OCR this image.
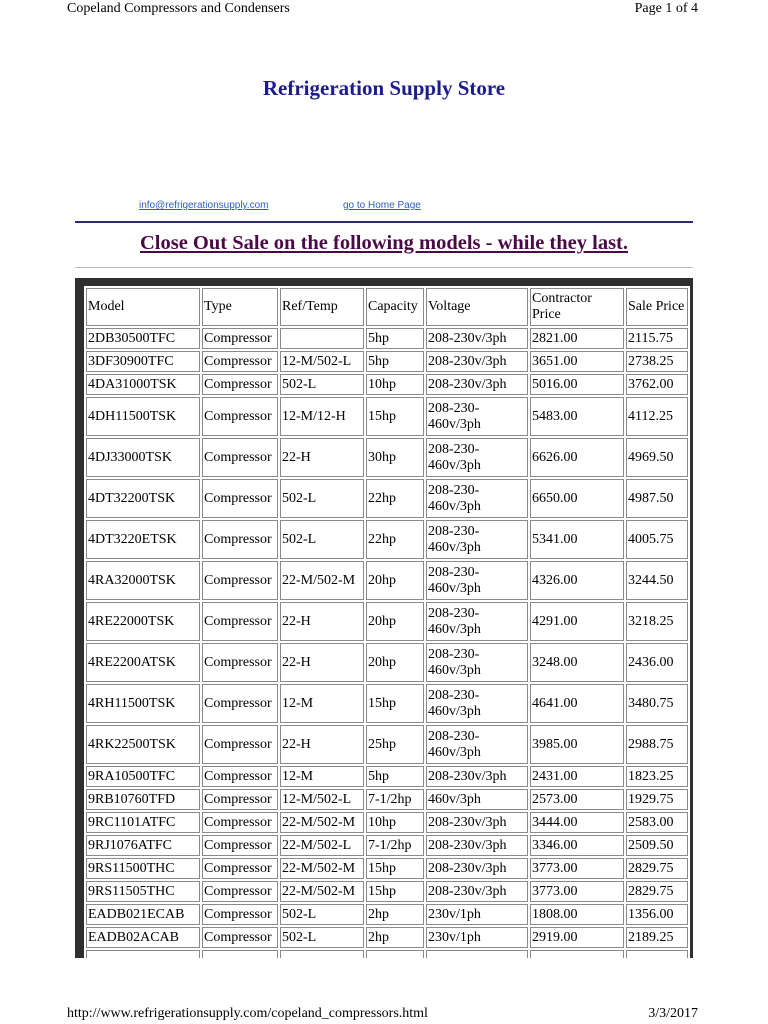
Copeland Compressors and Condensers	Page 1 of 4
Refrigeration Supply Store
info@refrigerationsupply.com	go to Home Page
Close Out Sale on the following models - while they last.
Model	Type	Ref/Temp	Capacity	Voltage	Contractor Price	Sale Price
2DB30500TFC	Compressor		5hp	208-230v/3ph	2821.00	2115.75
3DF30900TFC	Compressor	12-M/502-L	5hp	208-230v/3ph	3651.00	2738.25
4DA31000TSK	Compressor	502-L	10hp	208-230v/3ph	5016.00	3762.00
4DH11500TSK	Compressor	12-M/12-H	15hp	208-230-460v/3ph	5483.00	4112.25
4DJ33000TSK	Compressor	22-H	30hp	208-230-460v/3ph	6626.00	4969.50
4DT32200TSK	Compressor	502-L	22hp	208-230-460v/3ph	6650.00	4987.50
4DT3220ETSK	Compressor	502-L	22hp	208-230-460v/3ph	5341.00	4005.75
4RA32000TSK	Compressor	22-M/502-M	20hp	208-230-460v/3ph	4326.00	3244.50
4RE22000TSK	Compressor	22-H	20hp	208-230-460v/3ph	4291.00	3218.25
4RE2200ATSK	Compressor	22-H	20hp	208-230-460v/3ph	3248.00	2436.00
4RH11500TSK	Compressor	12-M	15hp	208-230-460v/3ph	4641.00	3480.75
4RK22500TSK	Compressor	22-H	25hp	208-230-460v/3ph	3985.00	2988.75
9RA10500TFC	Compressor	12-M	5hp	208-230v/3ph	2431.00	1823.25
9RB10760TFD	Compressor	12-M/502-L	7-1/2hp	460v/3ph	2573.00	1929.75
9RC1101ATFC	Compressor	22-M/502-M	10hp	208-230v/3ph	3444.00	2583.00
9RJ1076ATFC	Compressor	22-M/502-L	7-1/2hp	208-230v/3ph	3346.00	2509.50
9RS11500THC	Compressor	22-M/502-M	15hp	208-230v/3ph	3773.00	2829.75
9RS11505THC	Compressor	22-M/502-M	15hp	208-230v/3ph	3773.00	2829.75
EADB021ECAB	Compressor	502-L	2hp	230v/1ph	1808.00	1356.00
EADB02ACAB	Compressor	502-L	2hp	230v/1ph	2919.00	2189.25

http://www.refrigerationsupply.com/copeland_compressors.html	3/3/2017
